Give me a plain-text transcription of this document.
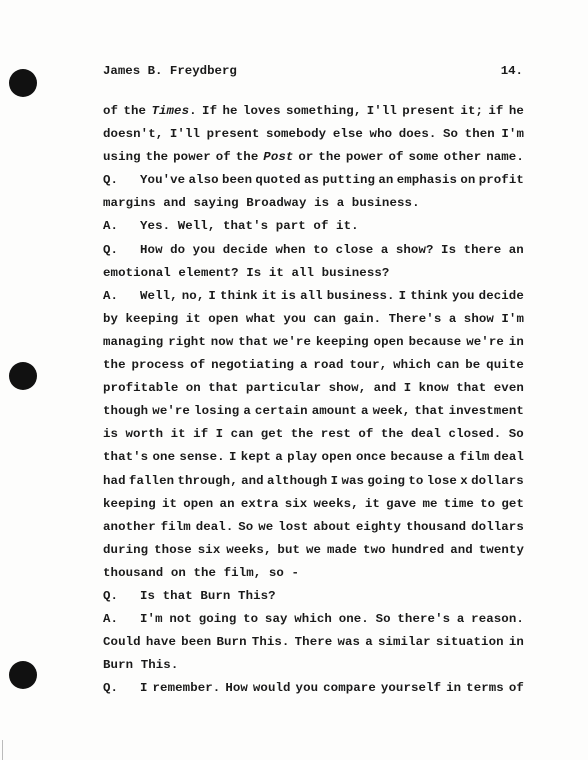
James B. Freydberg	14.
of the Times. If he loves something, I'll present it; if he
doesn't, I'll present somebody else who does. So then I'm
using the power of the Post or the power of some other name.
Q.	You've also been quoted as putting an emphasis on profit
margins and saying Broadway is a business.
A. Yes. Well, that's part of it.
Q.	How do you decide when to close a show? Is there an
emotional element? Is it all business?
A.	Well, no, I think it is all business. I think you decide
by keeping it open what you can gain. There's a show I'm
managing right now that we're keeping open because we're in
the process of negotiating a road tour, which can be quite
profitable on that particular show, and I know that even
though we're losing a certain amount a week, that investment
is worth it if I can get the rest of the deal closed. So
that's one sense. I kept a play open once because a film deal
had fallen through, and although I was going to lose x dollars
keeping it open an extra six weeks, it gave me time to get
another film deal. So we lost about eighty thousand dollars
during those six weeks, but we made two hundred and twenty
thousand on the film, so -
Q. Is that Burn This?
A.	I'm not going to say which one. So there's a reason.
Could have been Burn This. There was a similar situation in
Burn This.
Q.	I remember. How would you compare yourself in terms of
